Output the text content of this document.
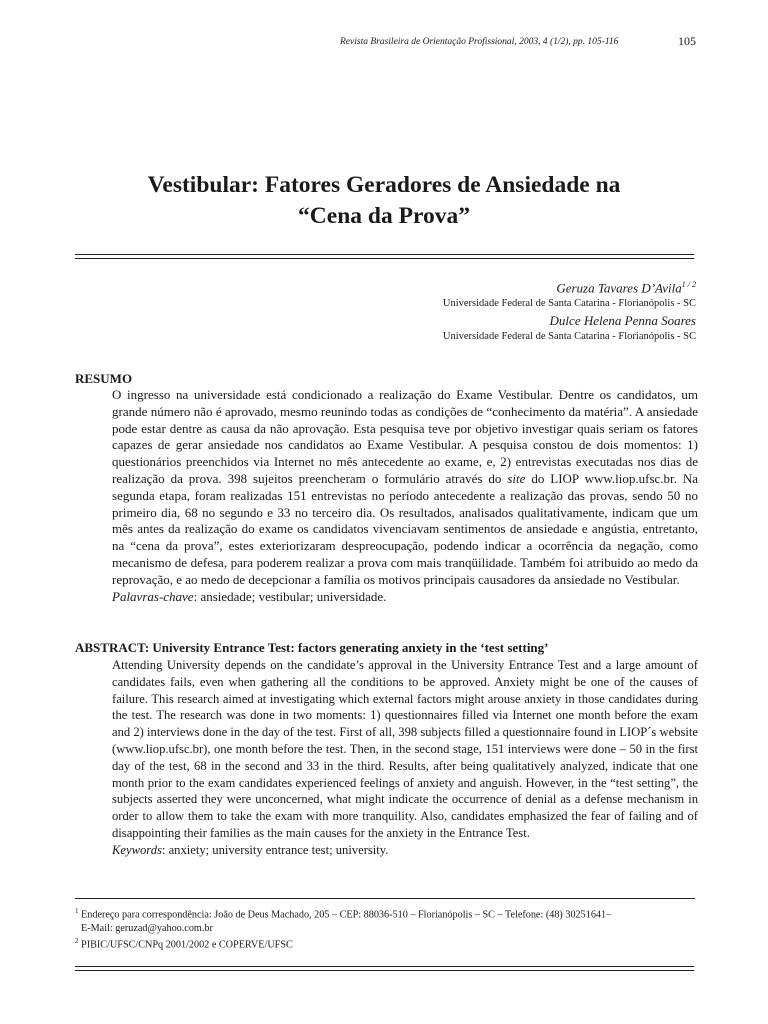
Revista Brasileira de Orientação Profissional, 2003, 4 (1/2), pp. 105-116	105
Vestibular: Fatores Geradores de Ansiedade na
“Cena da Prova”
Geruza Tavares D’Avila$^{1 / 2}$
Universidade Federal de Santa Catarina - Florianópolis - SC
Dulce Helena Penna Soares
Universidade Federal de Santa Catarina - Florianópolis - SC
RESUMO

O ingresso na universidade está condicionado a realização do Exame Vestibular. Dentre os candidatos, um grande número não é aprovado, mesmo reunindo todas as condições de “conhecimento da matéria”. A ansiedade pode estar dentre as causa da não aprovação. Esta pesquisa teve por objetivo investigar quais seriam os fatores capazes de gerar ansiedade nos candidatos ao Exame Vestibular. A pesquisa constou de dois momentos: 1) questionários preenchidos via Internet no mês antecedente ao exame, e, 2) entrevistas executadas nos dias de realização da prova. 398 sujeitos preencheram o formulário através do site do LIOP www.liop.ufsc.br. Na segunda etapa, foram realizadas 151 entrevistas no período antecedente a realização das provas, sendo 50 no primeiro dia, 68 no segundo e 33 no terceiro dia. Os resultados, analisados qualitativamente, indicam que um mês antes da realização do exame os candidatos vivenciavam sentimentos de ansiedade e angústia, entretanto, na “cena da prova”, estes exteriorizaram despreocupação, podendo indicar a ocorrência da negação, como mecanismo de defesa, para poderem realizar a prova com mais tranqüilidade. Também foi atribuido ao medo da reprovação, e ao medo de decepcionar a família os motivos principais causadores da ansiedade no Vestibular.

Palavras-chave: ansiedade; vestibular; universidade.

ABSTRACT: University Entrance Test: factors generating anxiety in the ‘test setting’

Attending University depends on the candidate’s approval in the University Entrance Test and a large amount of candidates fails, even when gathering all the conditions to be approved. Anxiety might be one of the causes of failure. This research aimed at investigating which external factors might arouse anxiety in those candidates during the test. The research was done in two moments: 1) questionnaires filled via Internet one month before the exam and 2) interviews done in the day of the test. First of all, 398 subjects filled a questionnaire found in LIOP´s website (www.liop.ufsc.br), one month before the test. Then, in the second stage, 151 interviews were done – 50 in the first day of the test, 68 in the second and 33 in the third. Results, after being qualitatively analyzed, indicate that one month prior to the exam candidates experienced feelings of anxiety and anguish. However, in the “test setting”, the subjects asserted they were unconcerned, what might indicate the occurrence of denial as a defense mechanism in order to allow them to take the exam with more tranquility. Also, candidates emphasized the fear of failing and of disappointing their families as the main causes for the anxiety in the Entrance Test.

Keywords: anxiety; university entrance test; university.

$^1$ Endereço para correspondência: João de Deus Machado, 205 – CEP: 88036-510 – Florianópolis – SC – Telefone: (48) 30251641–
E-Mail: geruzad@yahoo.com.br
$^2$ PIBIC/UFSC/CNPq 2001/2002 e COPERVE/UFSC
